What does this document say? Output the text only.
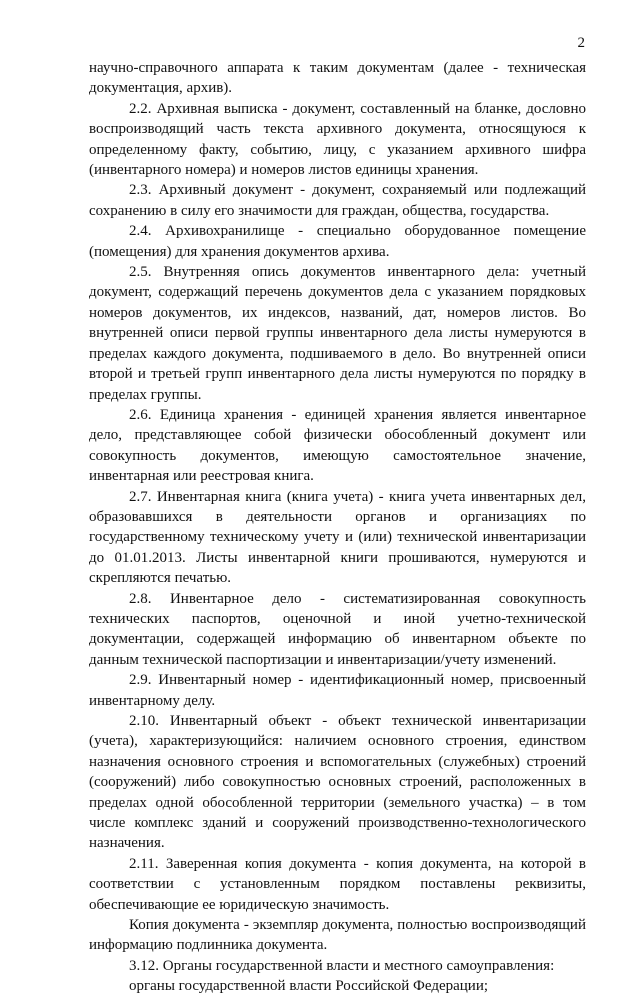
2

научно-справочного аппарата к таким документам (далее - техническая документация, архив).

2.2. Архивная выписка - документ, составленный на бланке, дословно воспроизводящий часть текста архивного документа, относящуюся к определенному факту, событию, лицу, с указанием архивного шифра (инвентарного номера) и номеров листов единицы хранения.

2.3. Архивный документ - документ, сохраняемый или подлежащий сохранению в силу его значимости для граждан, общества, государства.

2.4. Архивохранилище - специально оборудованное помещение (помещения) для хранения документов архива.

2.5. Внутренняя опись документов инвентарного дела: учетный документ, содержащий перечень документов дела с указанием порядковых номеров документов, их индексов, названий, дат, номеров листов. Во внутренней описи первой группы инвентарного дела листы нумеруются в пределах каждого документа, подшиваемого в дело. Во внутренней описи второй и третьей групп инвентарного дела листы нумеруются по порядку в пределах группы.

2.6. Единица хранения - единицей хранения является инвентарное дело, представляющее собой физически обособленный документ или совокупность документов, имеющую самостоятельное значение, инвентарная или реестровая книга.

2.7. Инвентарная книга (книга учета) - книга учета инвентарных дел, образовавшихся в деятельности органов и организациях по государственному техническому учету и (или) технической инвентаризации до 01.01.2013. Листы инвентарной книги прошиваются, нумеруются и скрепляются печатью.

2.8. Инвентарное дело - систематизированная совокупность технических паспортов, оценочной и иной учетно-технической документации, содержащей информацию об инвентарном объекте по данным технической паспортизации и инвентаризации/учету изменений.

2.9. Инвентарный номер - идентификационный номер, присвоенный инвентарному делу.

2.10. Инвентарный объект - объект технической инвентаризации (учета), характеризующийся: наличием основного строения, единством назначения основного строения и вспомогательных (служебных) строений (сооружений) либо совокупностью основных строений, расположенных в пределах одной обособленной территории (земельного участка) – в том числе комплекс зданий и сооружений производственно-технологического назначения.

2.11. Заверенная копия документа - копия документа, на которой в соответствии с установленным порядком поставлены реквизиты, обеспечивающие ее юридическую значимость.

Копия документа - экземпляр документа, полностью воспроизводящий информацию подлинника документа.

3.12. Органы государственной власти и местного самоуправления:

органы государственной власти Российской Федерации;
